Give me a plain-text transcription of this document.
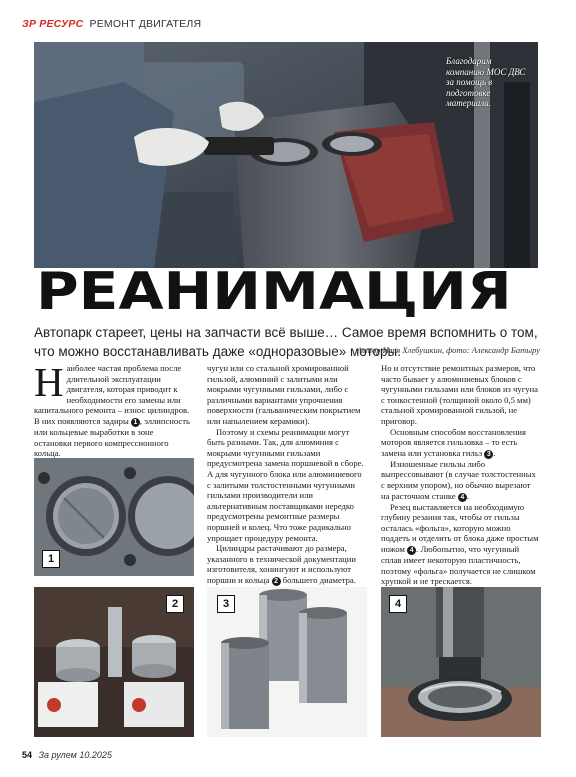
ЗР РЕСУРС РЕМОНТ ДВИГАТЕЛЯ
Благодарим компанию МОС ДВС за помощь в подготовке материала.
РЕАНИМАЦИЯ
Автопарк стареет, цены на запчасти всё выше… Самое время вспомнить о том, что можно восстанавливать даже «одноразовые» моторы.
Автор Илья Хлебушкин, фото: Александр Батыру

Наиболее частая проблема после длительной эксплуатации двигателя, которая приводит к необходимости его замены или капитального ремонта – износ цилиндров. В них появляются задиры 1 , эллипсность или кольцевые выработки в зоне остановки первого компрессионного кольца.

чугун или со стальной хромированной гильзой, алюминий с залитыми или мокрыми чугунными гильзами, либо с различными вариантами упрочнения поверхности (гальваническим покрытием или напылением керамики).

Поэтому и схемы реанимации могут быть разными. Так, для алюминия с мокрыми чугунными гильзами предусмотрена замена поршневой в сборе. А для чугунного блока или алюминиевого с залитыми толстостенными чугунными гильзами производители или альтернативным поставщиками нередко предусмотрены ремонтные размеры поршней и колец. Что тоже радикально упрощает процедуру ремонта.

Цилиндры растачивают до размера, указанного в технической документации изготовителя, хонингуют и используют поршни и кольца 2 большего диаметра.

Но и отсутствие ремонтных размеров, что часто бывает у алюминиевых блоков с чугунными гильзами или блоков из чугуна с тонкостенной (толщиной около 0,5 мм) стальной хромированной гильзой, не приговор.

Основным способом восстановления моторов является гильзовка – то есть замена или установка гильз 3 .

Изношенные гильзы либо выпрессовывают (в случае толстостенных с верхним упором), но обычно вырезают на расточном станке 4 .

Резец выставляется на необходимую глубину резания так, чтобы от гильзы осталась «фольга», которую можно поддеть и отделить от блока даже простым ножом 4 . Любопытно, что чугунный сплав имеет некоторую пластичность, поэтому «фольга» получается не слишком хрупкой и не трескается.

1
2	3	4
54 За рулем 10.2025
